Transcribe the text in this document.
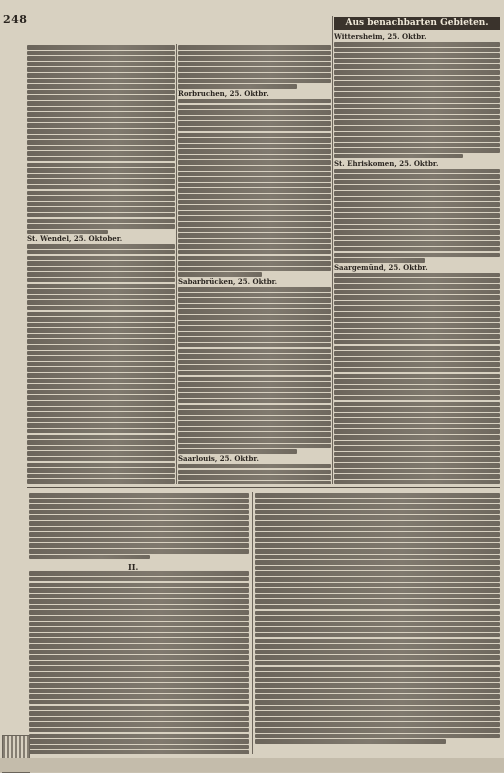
248	Aus benachbarten Gebieten.
St. Wendel, 25. Oktober.
Rorbruchen, 25. Oktbr.
Sabarbrücken, 25. Oktbr.
Saarlouis, 25. Oktbr.
Wittersheim, 25. Oktbr.
St. Ehriskomen, 25. Oktbr.
Saargemünd, 25. Oktbr.
II.
